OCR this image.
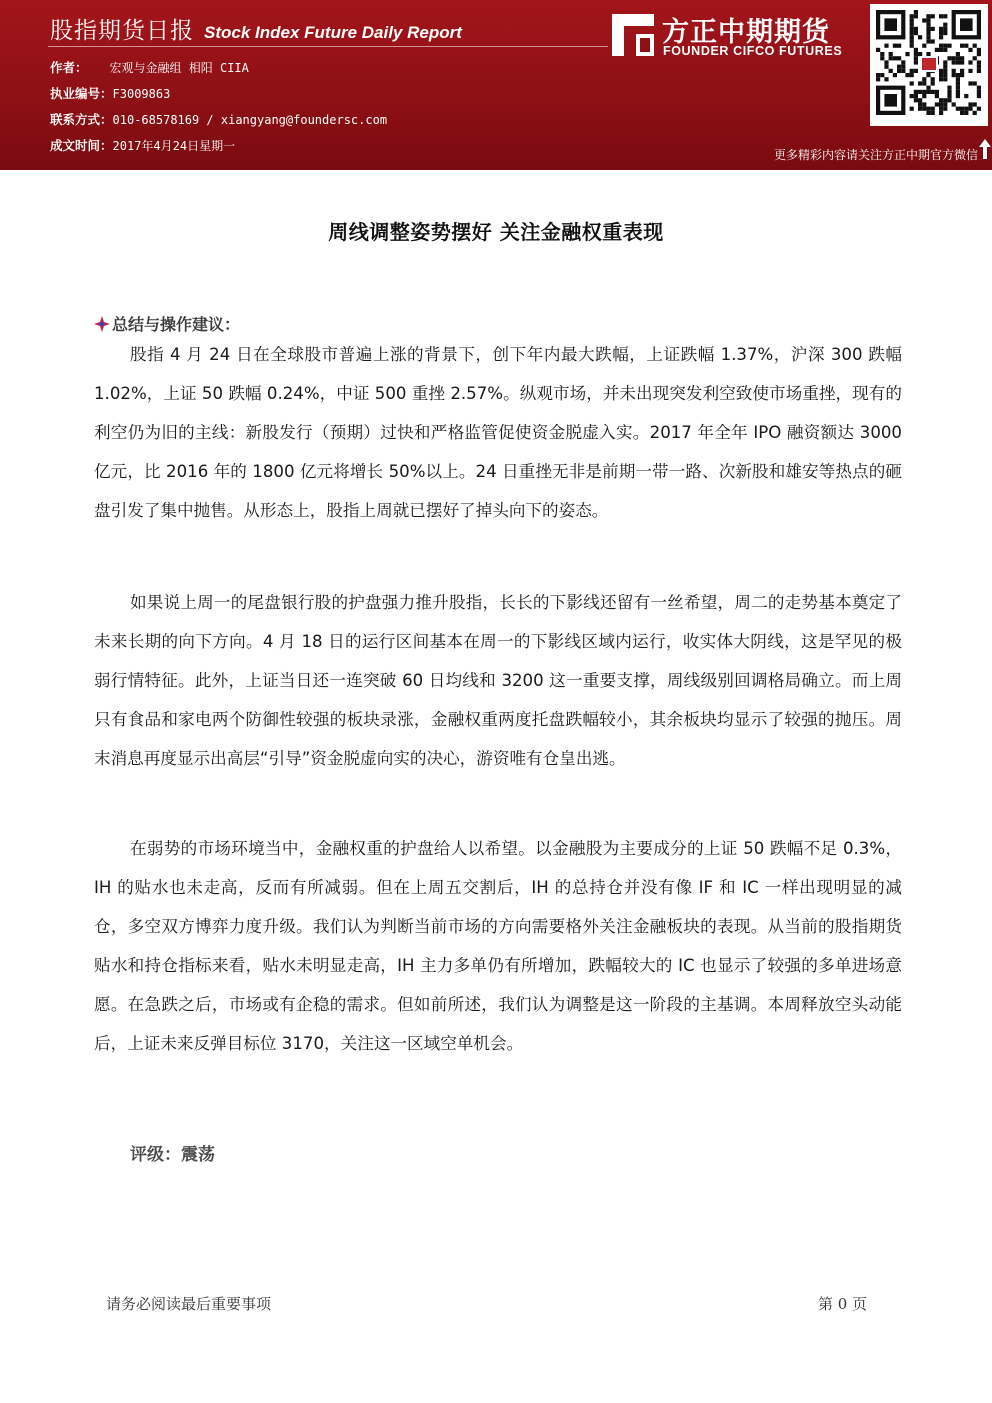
股指期货日报 Stock Index Future Daily Report
作者： 宏观与金融组 相阳 CIIA
执业编号：F3009863
联系方式：010-68578169 / xiangyang@foundersc.com
成文时间：2017年4月24日星期一
方正中期期货
FOUNDER CIFCO FUTURES
更多精彩内容请关注方正中期官方微信
周线调整姿势摆好 关注金融权重表现
总结与操作建议：

股指 4 月 24 日在全球股市普遍上涨的背景下，创下年内最大跌幅，上证跌幅 1.37%，沪深 300 跌幅 1.02%，上证 50 跌幅 0.24%，中证 500 重挫 2.57%。纵观市场，并未出现突发利空致使市场重挫，现有的利空仍为旧的主线：新股发行（预期）过快和严格监管促使资金脱虚入实。2017 年全年 IPO 融资额达 3000 亿元，比 2016 年的 1800 亿元将增长 50%以上。24 日重挫无非是前期一带一路、次新股和雄安等热点的砸盘引发了集中抛售。从形态上，股指上周就已摆好了掉头向下的姿态。

如果说上周一的尾盘银行股的护盘强力推升股指，长长的下影线还留有一丝希望，周二的走势基本奠定了未来长期的向下方向。4 月 18 日的运行区间基本在周一的下影线区域内运行，收实体大阴线，这是罕见的极弱行情特征。此外，上证当日还一连突破 60 日均线和 3200 这一重要支撑，周线级别回调格局确立。而上周只有食品和家电两个防御性较强的板块录涨，金融权重两度托盘跌幅较小，其余板块均显示了较强的抛压。周末消息再度显示出高层“引导”资金脱虚向实的决心，游资唯有仓皇出逃。

在弱势的市场环境当中，金融权重的护盘给人以希望。以金融股为主要成分的上证 50 跌幅不足 0.3%，IH 的贴水也未走高，反而有所减弱。但在上周五交割后，IH 的总持仓并没有像 IF 和 IC 一样出现明显的减仓，多空双方博弈力度升级。我们认为判断当前市场的方向需要格外关注金融板块的表现。从当前的股指期货贴水和持仓指标来看，贴水未明显走高，IH 主力多单仍有所增加，跌幅较大的 IC 也显示了较强的多单进场意愿。在急跌之后，市场或有企稳的需求。但如前所述，我们认为调整是这一阶段的主基调。本周释放空头动能后，上证未来反弹目标位 3170，关注这一区域空单机会。

评级：震荡
请务必阅读最后重要事项	第 0 页
